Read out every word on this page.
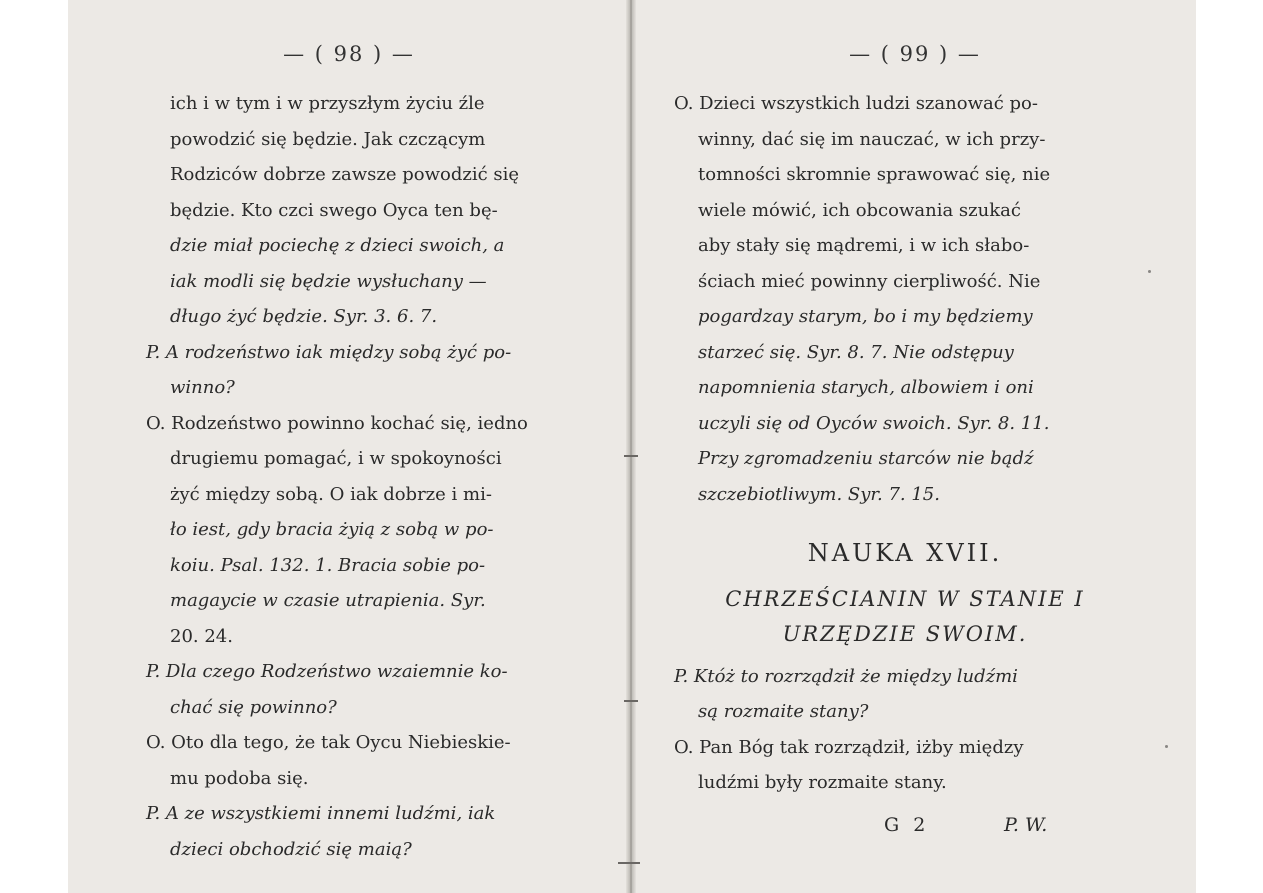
— ( 98 ) —
ich i w tym i w przyszłym życiu źle
powodzić się będzie. Jak czczącym
Rodziców dobrze zawsze powodzić się
będzie. Kto czci swego Oyca ten bę-
dzie miał pociechę z dzieci swoich, a
iak modli się będzie wysłuchany —
długo żyć będzie. Syr. 3. 6. 7.
P. A rodzeństwo iak między sobą żyć po-
winno?
O. Rodzeństwo powinno kochać się, iedno
drugiemu pomagać, i w spokoyności
żyć między sobą. O iak dobrze i mi-
ło iest, gdy bracia żyią z sobą w po-
koiu. Psal. 132. 1. Bracia sobie po-
magaycie w czasie utrapienia. Syr.
20. 24.
P. Dla czego Rodzeństwo wzaiemnie ko-
chać się powinno?
O. Oto dla tego, że tak Oycu Niebieskie-
mu podoba się.
P. A ze wszystkiemi innemi ludźmi, iak
dzieci obchodzić się maią?
— ( 99 ) —
O. Dzieci wszystkich ludzi szanować po-
winny, dać się im nauczać, w ich przy-
tomności skromnie sprawować się, nie
wiele mówić, ich obcowania szukać
aby stały się mądremi, i w ich słabo-
ściach mieć powinny cierpliwość. Nie
pogardzay starym, bo i my będziemy
starzeć się. Syr. 8. 7. Nie odstępuy
napomnienia starych, albowiem i oni
uczyli się od Oyców swoich. Syr. 8. 11.
Przy zgromadzeniu starców nie bądź
szczebiotliwym. Syr. 7. 15.
NAUKA XVII.
CHRZEŚCIANIN W STANIE I
URZĘDZIE SWOIM.
P. Któż to rozrządził że między ludźmi
są rozmaite stany?
O. Pan Bóg tak rozrządził, iżby między
ludźmi były rozmaite stany.
G 2	P. W.
